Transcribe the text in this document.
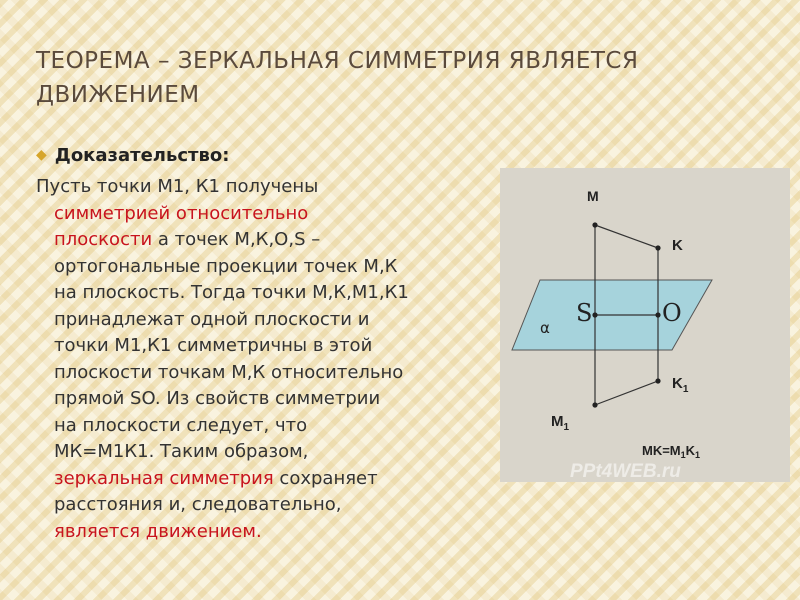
ТЕОРЕМА – ЗЕРКАЛЬНАЯ СИММЕТРИЯ ЯВЛЯЕТСЯ
ДВИЖЕНИЕМ
◆ Доказательство:
Пусть точки М1, К1 получены
симметрией относительно
плоскости а точек М,К,О,S –
ортогональные проекции точек М,К
на плоскость. Тогда точки М,К,М1,К1
принадлежат одной плоскости и
точки М1,К1 симметричны в этой
плоскости точкам М,К относительно
прямой SO. Из свойств симметрии
на плоскости следует, что
МК=М1К1. Таким образом,
зеркальная симметрия сохраняет
расстояния и, следовательно,
является движением.
M
K
S	O
α
$K_1$
$M_1$
$MK=M_1K_1$
PPt4WEB.ru
